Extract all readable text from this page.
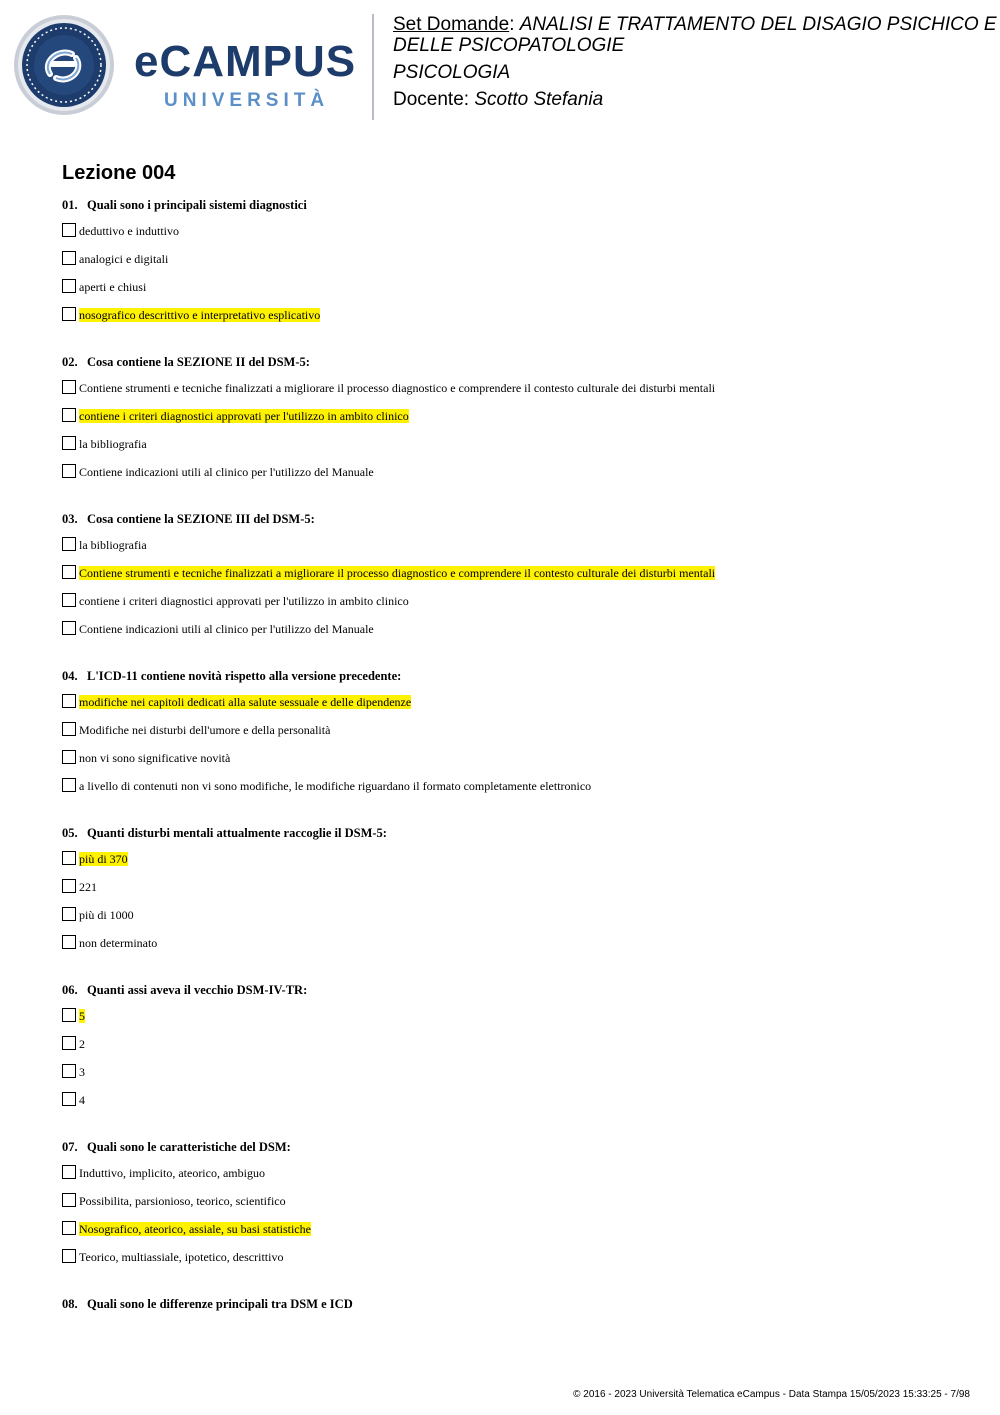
eCAMPUS
UNIVERSITÀ

Set Domande: ANALISI E TRATTAMENTO DEL DISAGIO PSICHICO E DELLE PSICOPATOLOGIE

PSICOLOGIA

Docente: Scotto Stefania

Lezione 004
01. Quali sono i principali sistemi diagnostici
deduttivo e induttivo
analogici e digitali
aperti e chiusi
nosografico descrittivo e interpretativo esplicativo
02. Cosa contiene la SEZIONE II del DSM-5:
Contiene strumenti e tecniche finalizzati a migliorare il processo diagnostico e comprendere il contesto culturale dei disturbi mentali
contiene i criteri diagnostici approvati per l'utilizzo in ambito clinico
la bibliografia
Contiene indicazioni utili al clinico per l'utilizzo del Manuale
03. Cosa contiene la SEZIONE III del DSM-5:
la bibliografia
Contiene strumenti e tecniche finalizzati a migliorare il processo diagnostico e comprendere il contesto culturale dei disturbi mentali
contiene i criteri diagnostici approvati per l'utilizzo in ambito clinico
Contiene indicazioni utili al clinico per l'utilizzo del Manuale
04. L'ICD-11 contiene novità rispetto alla versione precedente:
modifiche nei capitoli dedicati alla salute sessuale e delle dipendenze
Modifiche nei disturbi dell'umore e della personalità
non vi sono significative novità
a livello di contenuti non vi sono modifiche, le modifiche riguardano il formato completamente elettronico
05. Quanti disturbi mentali attualmente raccoglie il DSM-5:
più di 370
221
più di 1000
non determinato
06. Quanti assi aveva il vecchio DSM-IV-TR:
5
2
3
4
07. Quali sono le caratteristiche del DSM:
Induttivo, implicito, ateorico, ambiguo
Possibilita, parsionioso, teorico, scientifico
Nosografico, ateorico, assiale, su basi statistiche
Teorico, multiassiale, ipotetico, descrittivo
08. Quali sono le differenze principali tra DSM e ICD
© 2016 - 2023 Università Telematica eCampus - Data Stampa 15/05/2023 15:33:25 - 7/98
